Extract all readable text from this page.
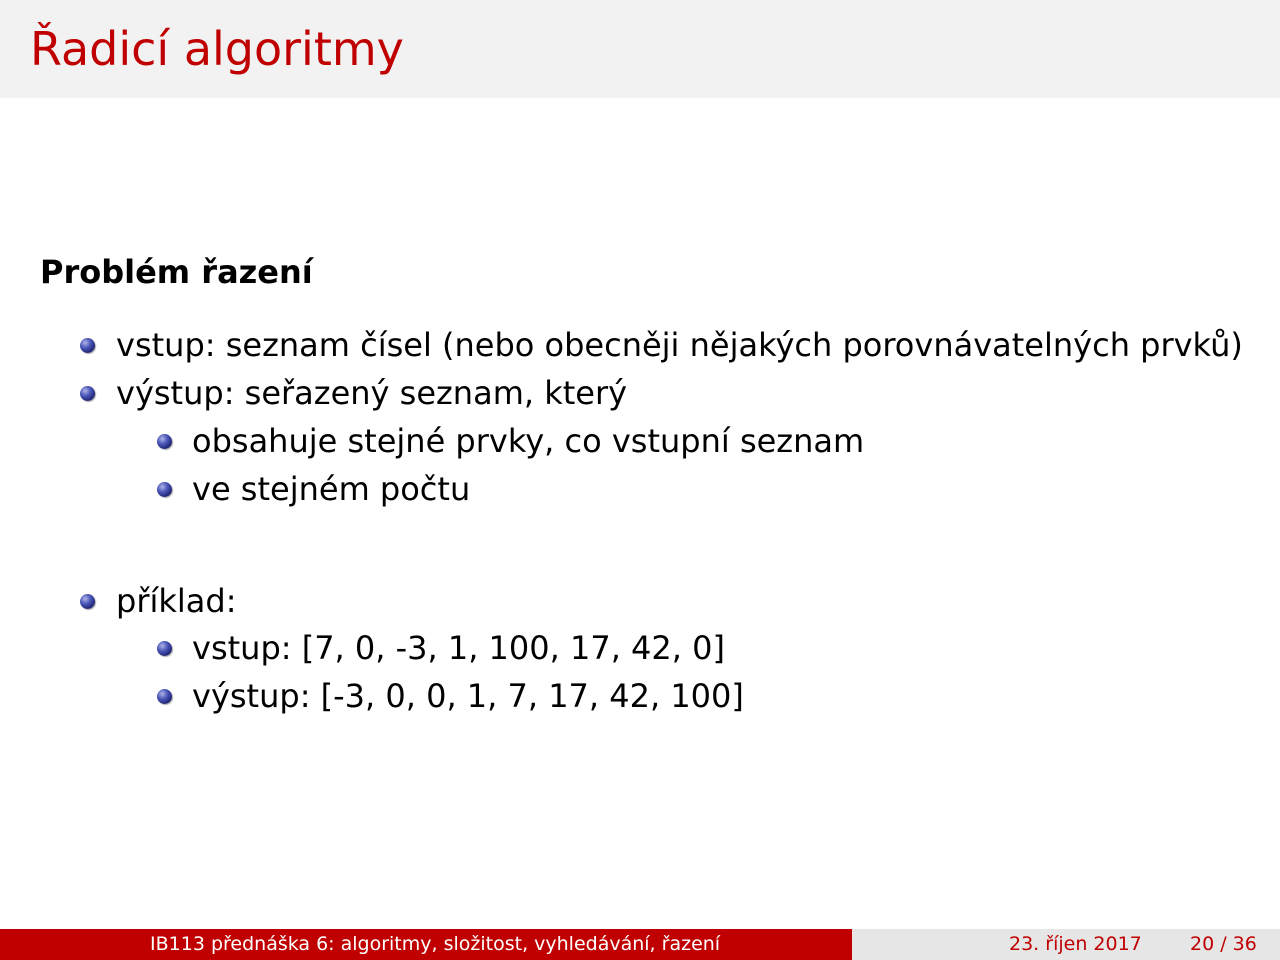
Řadicí algoritmy
Problém řazení
vstup: seznam čísel (nebo obecněji nějakých porovnávatelných prvků)
výstup: seřazený seznam, který
obsahuje stejné prvky, co vstupní seznam
ve stejném počtu
příklad:
vstup: [7, 0, -3, 1, 100, 17, 42, 0]
výstup: [-3, 0, 0, 1, 7, 17, 42, 100]
IB113 přednáška 6: algoritmy, složitost, vyhledávání, řazení	23. říjen 2017	20 / 36
